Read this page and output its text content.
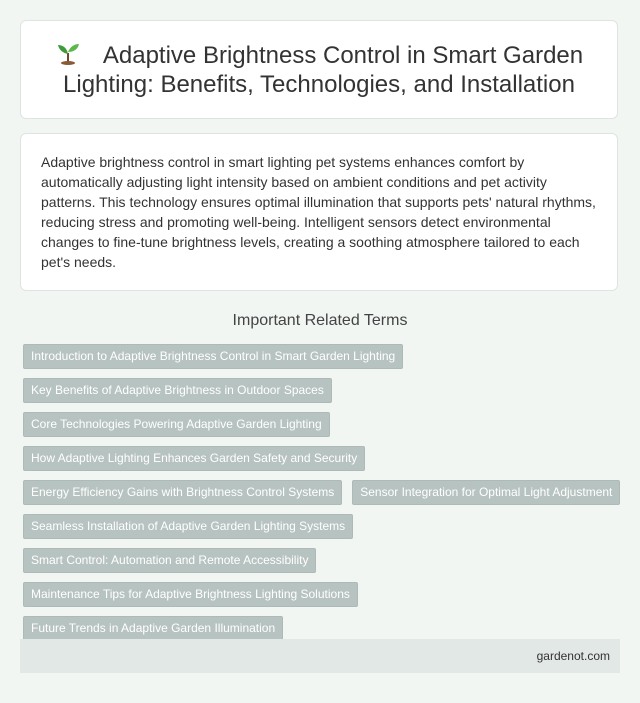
Adaptive Brightness Control in Smart Garden Lighting: Benefits, Technologies, and Installation

Adaptive brightness control in smart lighting pet systems enhances comfort by automatically adjusting light intensity based on ambient conditions and pet activity patterns. This technology ensures optimal illumination that supports pets' natural rhythms, reducing stress and promoting well-being. Intelligent sensors detect environmental changes to fine-tune brightness levels, creating a soothing atmosphere tailored to each pet's needs.

Important Related Terms
Introduction to Adaptive Brightness Control in Smart Garden Lighting
Key Benefits of Adaptive Brightness in Outdoor Spaces
Core Technologies Powering Adaptive Garden Lighting
How Adaptive Lighting Enhances Garden Safety and Security
Energy Efficiency Gains with Brightness Control Systems	Sensor Integration for Optimal Light Adjustment
Seamless Installation of Adaptive Garden Lighting Systems
Smart Control: Automation and Remote Accessibility
Maintenance Tips for Adaptive Brightness Lighting Solutions
Future Trends in Adaptive Garden Illumination
gardenot.com
